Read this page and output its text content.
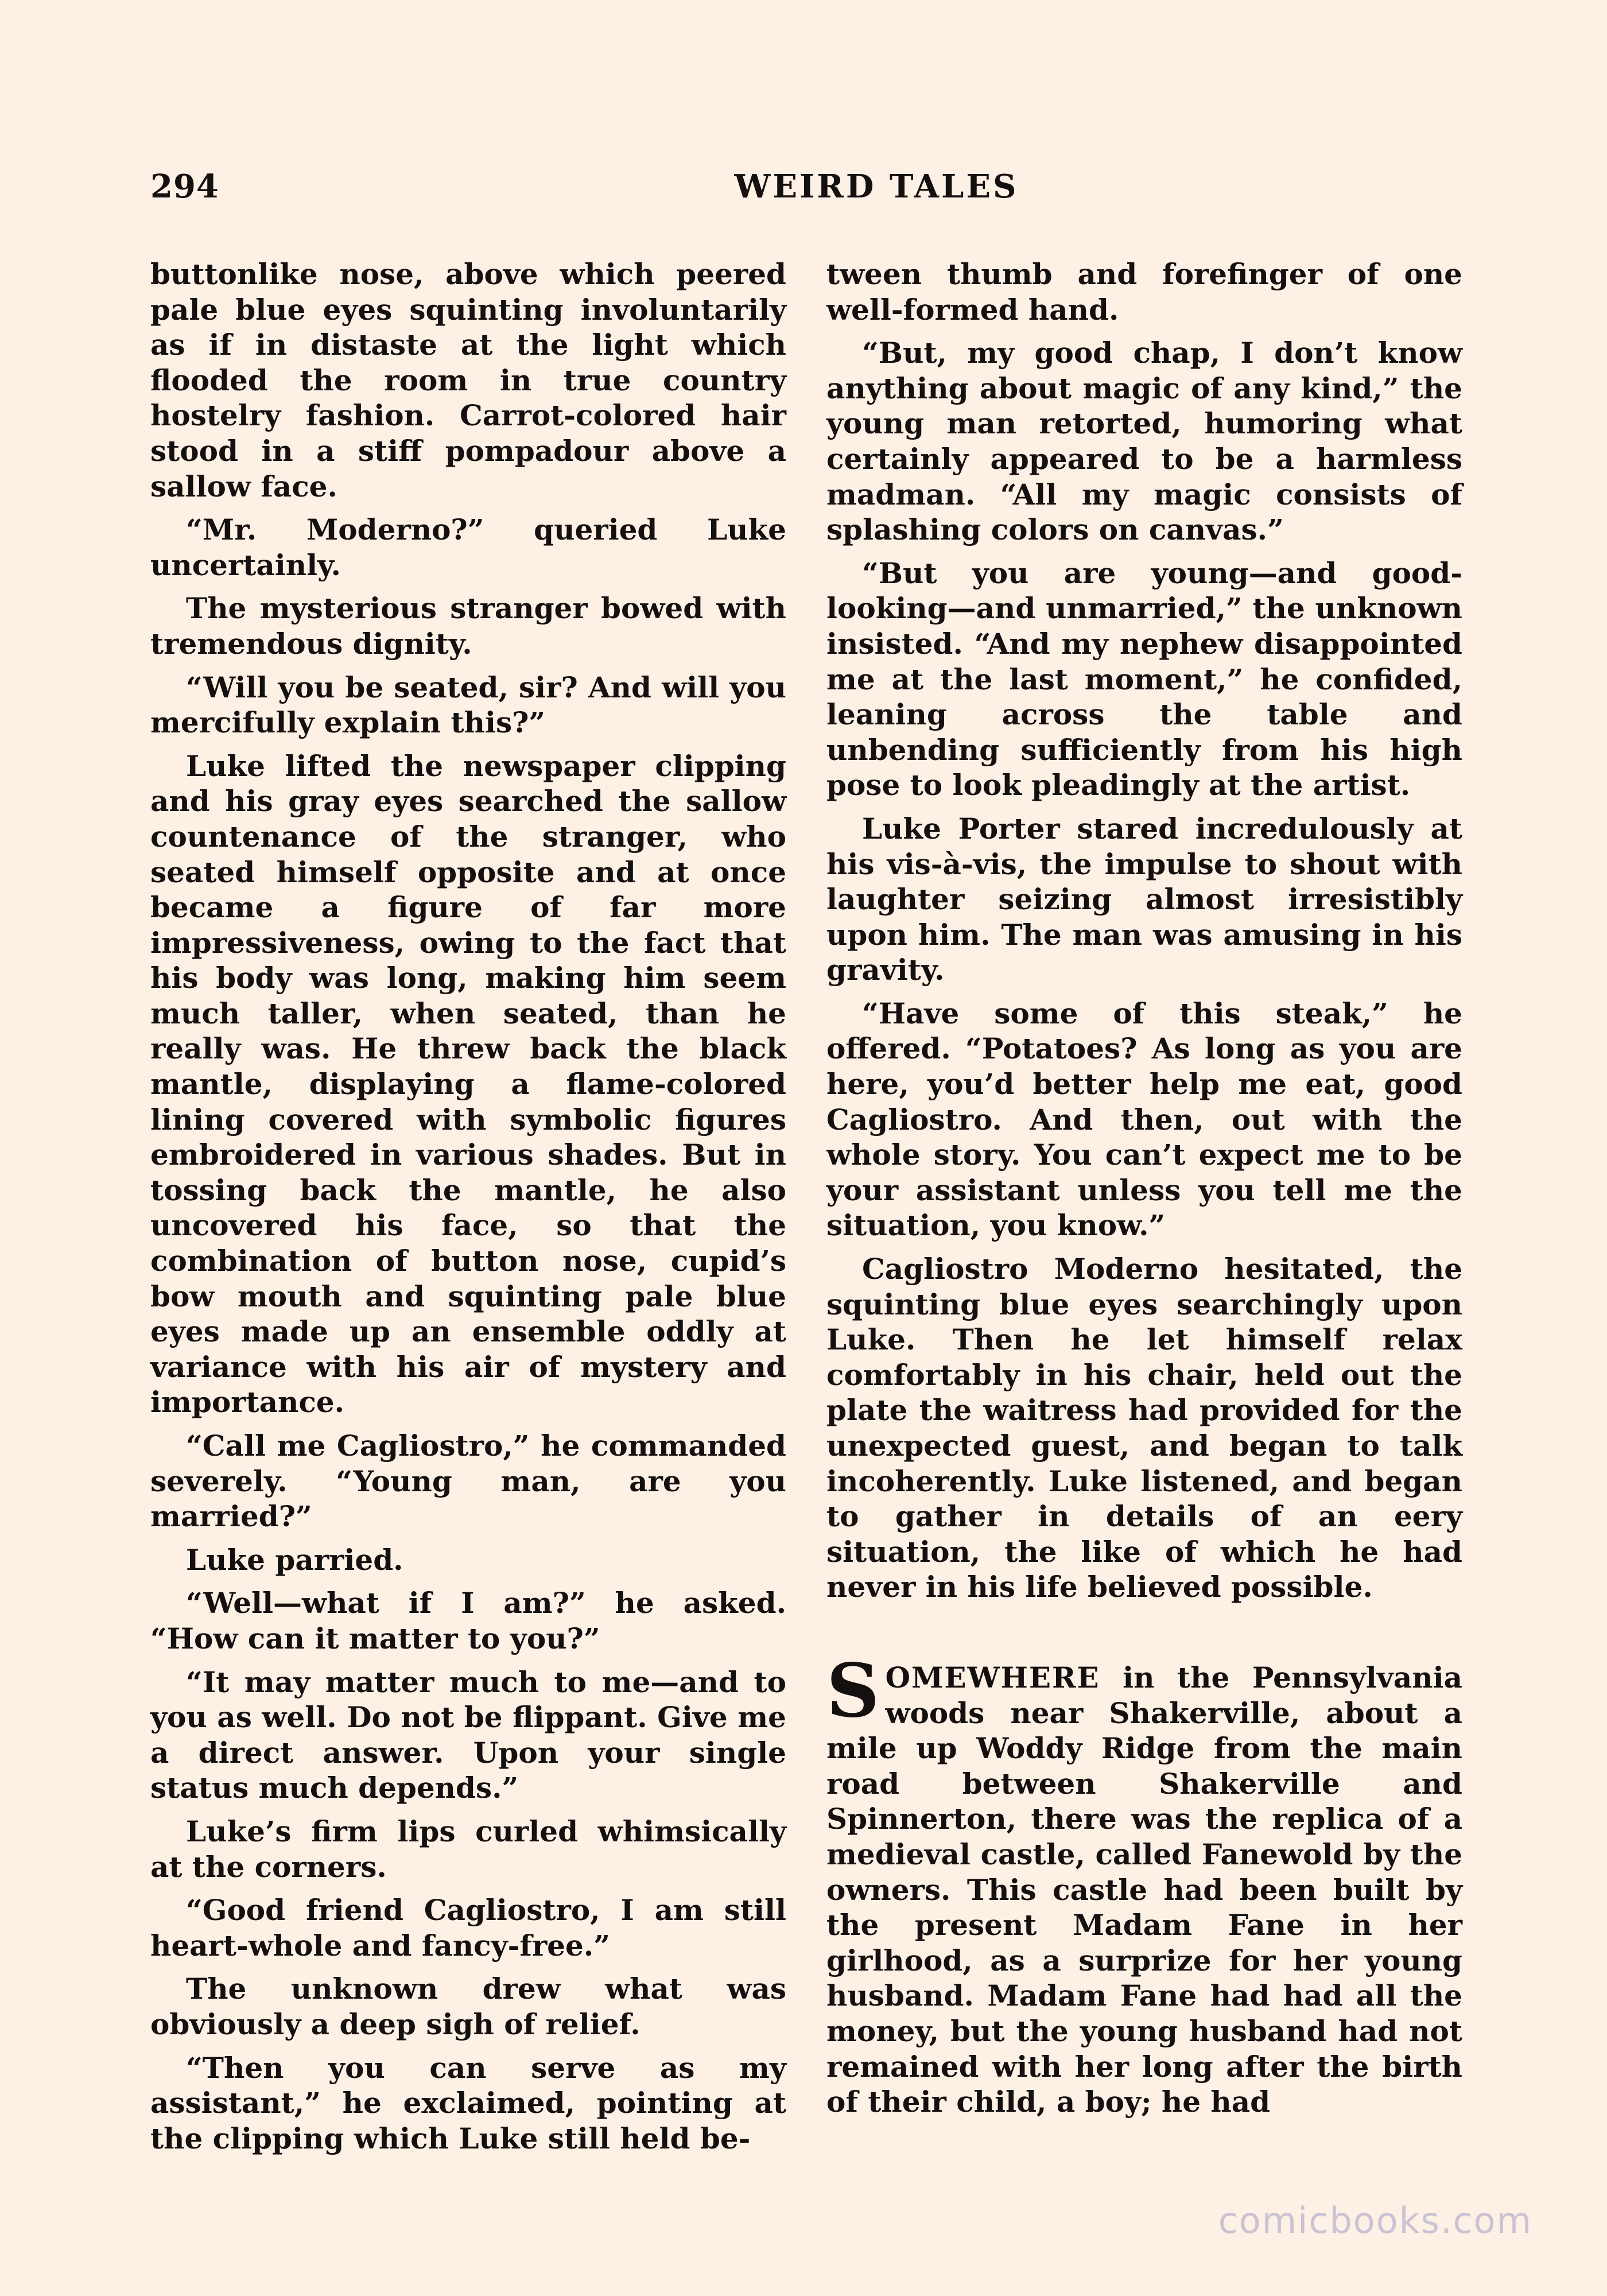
294	WEIRD TALES

buttonlike nose, above which peered pale blue eyes squinting involuntarily as if in distaste at the light which flooded the room in true country hostelry fashion. Carrot-colored hair stood in a stiff pompadour above a sallow face.

“Mr. Moderno?” queried Luke uncertainly.

The mysterious stranger bowed with tremendous dignity.

“Will you be seated, sir? And will you mercifully explain this?”

Luke lifted the newspaper clipping and his gray eyes searched the sallow countenance of the stranger, who seated himself opposite and at once became a figure of far more impressiveness, owing to the fact that his body was long, making him seem much taller, when seated, than he really was. He threw back the black mantle, displaying a flame-colored lining covered with symbolic figures embroidered in various shades. But in tossing back the mantle, he also uncovered his face, so that the combination of button nose, cupid’s bow mouth and squinting pale blue eyes made up an ensemble oddly at variance with his air of mystery and importance.

“Call me Cagliostro,” he commanded severely. “Young man, are you married?”

Luke parried.

“Well—what if I am?” he asked. “How can it matter to you?”

“It may matter much to me—and to you as well. Do not be flippant. Give me a direct answer. Upon your single status much depends.”

Luke’s firm lips curled whimsically at the corners.

“Good friend Cagliostro, I am still heart-whole and fancy-free.”

The unknown drew what was obviously a deep sigh of relief.

“Then you can serve as my assistant,” he exclaimed, pointing at the clipping which Luke still held be-

tween thumb and forefinger of one well-formed hand.

“But, my good chap, I don’t know anything about magic of any kind,” the young man retorted, humoring what certainly appeared to be a harmless madman. “All my magic consists of splashing colors on canvas.”

“But you are young—and good-looking—and unmarried,” the unknown insisted. “And my nephew disappointed me at the last moment,” he confided, leaning across the table and unbending sufficiently from his high pose to look pleadingly at the artist.

Luke Porter stared incredulously at his vis-à-vis, the impulse to shout with laughter seizing almost irresistibly upon him. The man was amusing in his gravity.

“Have some of this steak,” he offered. “Potatoes? As long as you are here, you’d better help me eat, good Cagliostro. And then, out with the whole story. You can’t expect me to be your assistant unless you tell me the situation, you know.”

Cagliostro Moderno hesitated, the squinting blue eyes searchingly upon Luke. Then he let himself relax comfortably in his chair, held out the plate the waitress had provided for the unexpected guest, and began to talk incoherently. Luke listened, and began to gather in details of an eery situation, the like of which he had never in his life believed possible.

SOMEWHERE in the Pennsylvania woods near Shakerville, about a mile up Woddy Ridge from the main road between Shakerville and Spinnerton, there was the replica of a medieval castle, called Fanewold by the owners. This castle had been built by the present Madam Fane in her girlhood, as a surprize for her young husband. Madam Fane had had all the money, but the young husband had not remained with her long after the birth of their child, a boy; he had

comicbooks.com
